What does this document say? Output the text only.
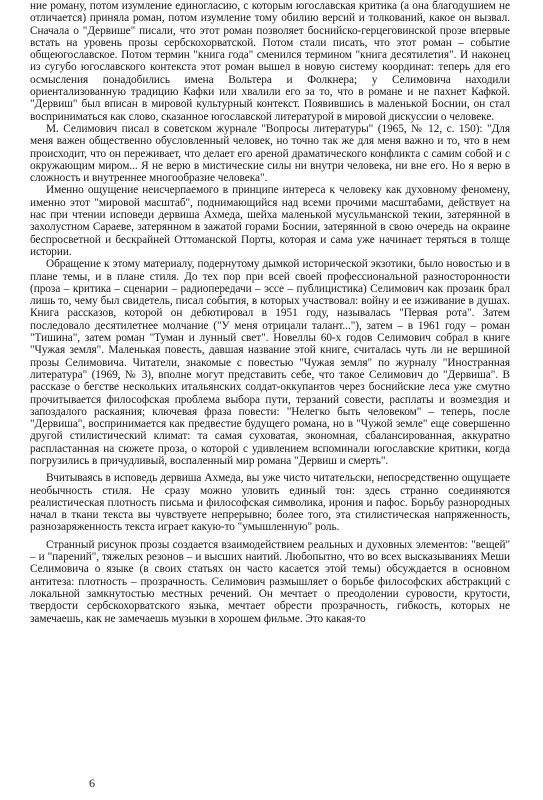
ние роману, потом изумление единогласию, с которым югославская критика (а она благодушием не отличается) приняла роман, потом изумление тому обилию версий и толкований, какое он вызвал. Сначала о "Дервише" писали, что этот роман позволяет боснийско-герцеговинской прозе впервые встать на уровень прозы сербскохорватской. Потом стали писать, что этот роман – событие общеюгославское. Потом термин "книга года" сменился термином "книга десятилетия". И наконец из сугубо югославского контекста этот роман вышел в новую систему координат: теперь для его осмысления понадобились имена Вольтера и Фолкнера; у Селимовича находили ориентализованную традицию Кафки или хвалили его за то, что в романе и не пахнет Кафкой. "Дервиш" был вписан в мировой культурный контекст. Появившись в маленькой Боснии, он стал восприниматься как слово, сказанное югославской литературой в мировой дискуссии о человеке.

М. Селимович писал в советском журнале "Вопросы литературы" (1965, № 12, с. 150): "Для меня важен общественно обусловленный человек, но точно так же для меня важно и то, что в нем происходит, что он переживает, что делает его ареной драматического конфликта с самим собой и с окружающим миром... Я не верю в мистические силы ни внутри человека, ни вне его. Но я верю в сложность и внутреннее многообразие человека".

Именно ощущение неисчерпаемого в принципе интереса к человеку как духовному феномену, именно этот "мировой масштаб", поднимающийся над всеми прочими масштабами, действует на нас при чтении исповеди дервиша Ахмеда, шейха маленькой мусульманской текии, затерянной в захолустном Сараеве, затерянном в зажатой горами Боснии, затерянной в свою очередь на окраине беспросветной и бескрайней Оттоманской Порты, которая и сама уже начинает теряться в толще истории.

Обращение к этому материалу, подернутому дымкой исторической экзотики, было новостью и в плане темы, и в плане стиля. До тех пор при всей своей профессиональной разносторонности (проза – критика – сценарии – радиопередачи – эссе – публицистика) Селимович как прозаик брал лишь то, чему был свидетель, писал события, в которых участвовал: войну и ее изживание в душах. Книга рассказов, которой он дебютировал в 1951 году, называлась "Первая рота". Затем последовало десятилетнее молчание ("У меня отрицали талант..."), затем – в 1961 году – роман "Тишина", затем роман "Туман и лунный свет". Новеллы 60-х годов Селимович собрал в книге "Чужая земля". Маленькая повесть, давшая название этой книге, считалась чуть ли не вершиной прозы Селимовича. Читатели, знакомые с повестью "Чужая земля" по журналу "Иностранная литература" (1969, № 3), вполне могут представить себе, что такое Селимович до "Дервиша". В рассказе о бегстве нескольких итальянских солдат-оккупантов через боснийские леса уже смутно прочитывается философская проблема выбора пути, терзаний совести, расплаты и возмездия и запоздалого раскаяния; ключевая фраза повести: "Нелегко быть человеком" – теперь, после "Дервиша", воспринимается как предвестие будущего романа, но в "Чужой земле" еще совершенно другой стилистический климат: та самая суховатая, экономная, сбалансированная, аккуратно распластанная на сюжете проза, о которой с удивлением вспоминали югославские критики, когда погрузились в причудливый, воспаленный мир романа "Дервиш и смерть".

Вчитываясь в исповедь дервиша Ахмеда, вы уже чисто читательски, непосредственно ощущаете необычность стиля. Не сразу можно уловить единый тон: здесь странно соединяются реалистическая плотность письма и философская символика, ирония и пафос. Борьбу разнородных начал в ткани текста вы чувствуете непрерывно; более того, эта стилистическая напряженность, разнозаряженность текста играет какую-то "умышленную" роль.

Странный рисунок прозы создается взаимодействием реальных и духовных элементов: "вещей" – и "парений", тяжелых резонов – и высших наитий. Любопытно, что во всех высказываниях Меши Селимовича о языке (в своих статьях он часто касается этой темы) обсуждается в основном антитеза: плотность – прозрачность. Селимович размышляет о борьбе философских абстракций с локальной замкнутостью местных речений. Он мечтает о преодолении суровости, крутости, твердости сербскохорватского языка, мечтает обрести прозрачность, гибкость, которых не замечаешь, как не замечаешь музыки в хорошем фильме. Это какая-то

6
